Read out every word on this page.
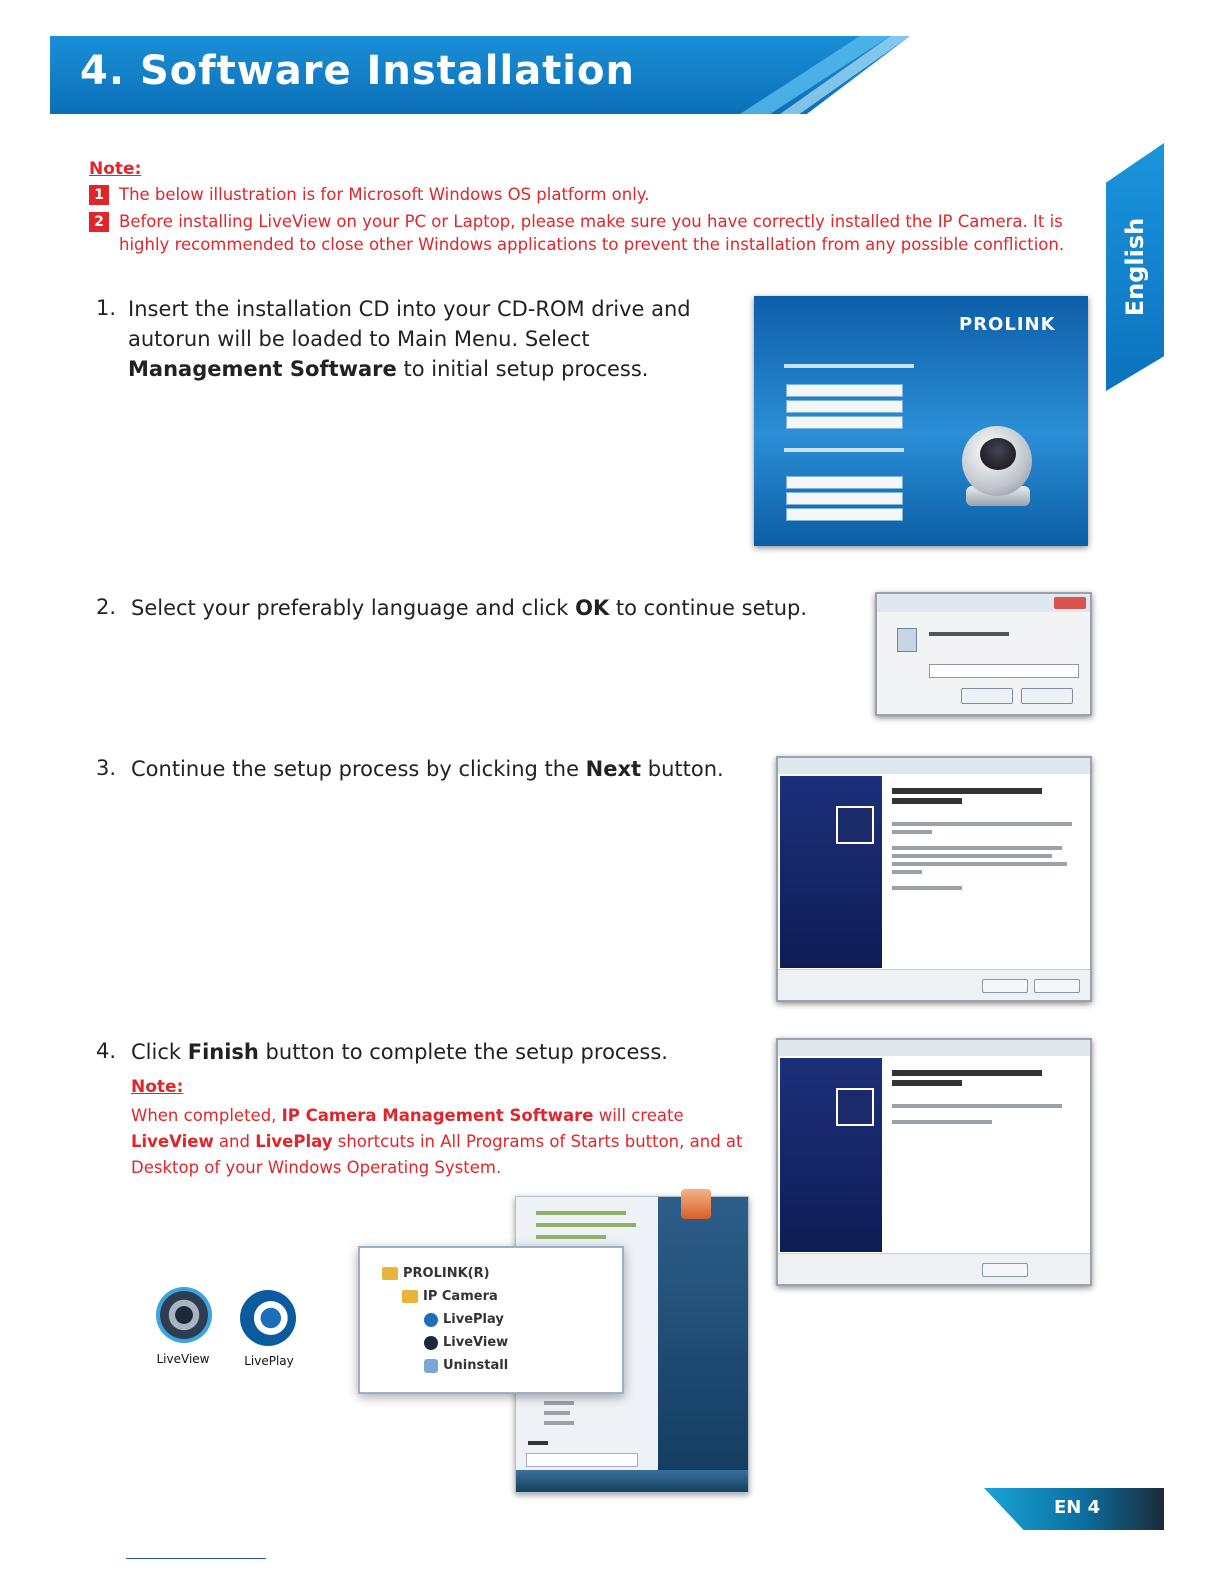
4. Software Installation
English
Note:
1 The below illustration is for Microsoft Windows OS platform only.
2 Before installing LiveView on your PC or Laptop, please make sure you have correctly installed the IP Camera. It is
highly recommended to close other Windows applications to prevent the installation from any possible confliction.
1. Insert the installation CD into your CD-ROM drive and
autorun will be loaded to Main Menu. Select
Management Software to initial setup process.
PROLINK
2. Select your preferably language and click OK to continue setup.
3. Continue the setup process by clicking the Next button.
4. Click Finish button to complete the setup process.
Note:
When completed, IP Camera Management Software will create
LiveView and LivePlay shortcuts in All Programs of Starts button, and at
Desktop of your Windows Operating System.
LiveView	LivePlay
PROLINK(R)
IP Camera
LivePlay
LiveView
Uninstall
EN 4
